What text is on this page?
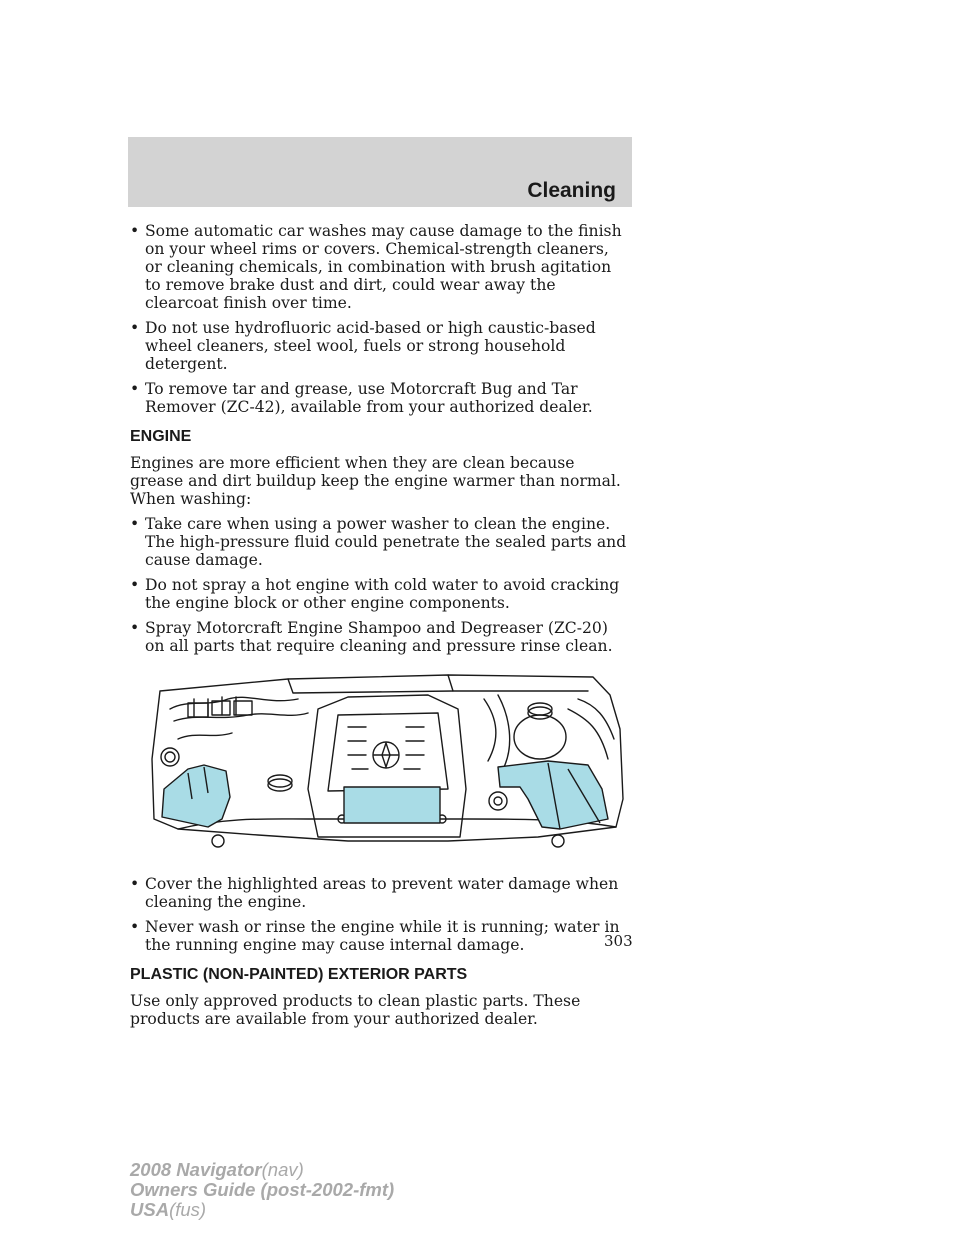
Cleaning
• Some automatic car washes may cause damage to the finish on your wheel rims or covers. Chemical-strength cleaners, or cleaning chemicals, in combination with brush agitation to remove brake dust and dirt, could wear away the clearcoat finish over time.
• Do not use hydrofluoric acid-based or high caustic-based wheel cleaners, steel wool, fuels or strong household detergent.
• To remove tar and grease, use Motorcraft Bug and Tar Remover (ZC-42), available from your authorized dealer.
ENGINE

Engines are more efficient when they are clean because grease and dirt buildup keep the engine warmer than normal. When washing:

• Take care when using a power washer to clean the engine. The high-pressure fluid could penetrate the sealed parts and cause damage.
• Do not spray a hot engine with cold water to avoid cracking the engine block or other engine components.
• Spray Motorcraft Engine Shampoo and Degreaser (ZC-20) on all parts that require cleaning and pressure rinse clean.
• Cover the highlighted areas to prevent water damage when cleaning the engine.
• Never wash or rinse the engine while it is running; water in the running engine may cause internal damage.
PLASTIC (NON-PAINTED) EXTERIOR PARTS

Use only approved products to clean plastic parts. These products are available from your authorized dealer.

303
2008 Navigator(nav)
Owners Guide (post-2002-fmt)
USA(fus)
